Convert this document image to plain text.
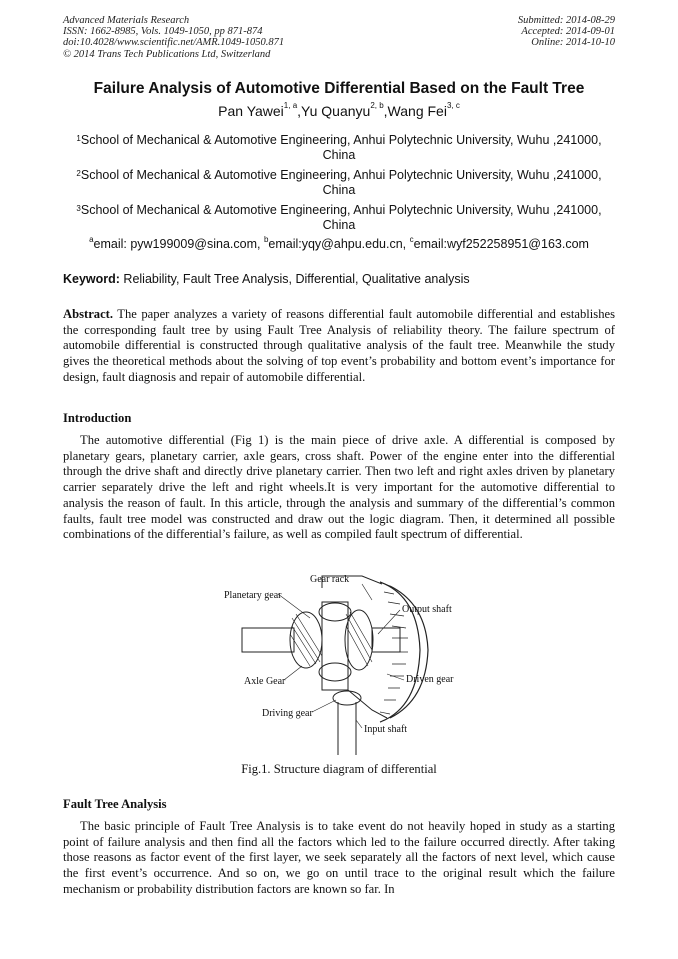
Advanced Materials Research
ISSN: 1662-8985, Vols. 1049-1050, pp 871-874
doi:10.4028/www.scientific.net/AMR.1049-1050.871
© 2014 Trans Tech Publications Ltd, Switzerland
Submitted: 2014-08-29
Accepted: 2014-09-01
Online: 2014-10-10
Failure Analysis of Automotive Differential Based on the Fault Tree
Pan Yawei$^{1, a}$,Yu Quanyu$^{2, b}$,Wang Fei$^{3, c}$
$^1$School of Mechanical & Automotive Engineering, Anhui Polytechnic University, Wuhu ,241000, China
$^2$School of Mechanical & Automotive Engineering, Anhui Polytechnic University, Wuhu ,241000, China
$^3$School of Mechanical & Automotive Engineering, Anhui Polytechnic University, Wuhu ,241000, China
$^a$email: pyw199009@sina.com, $^b$email:yqy@ahpu.edu.cn, $^c$email:wyf252258951@163.com
Keyword: Reliability, Fault Tree Analysis, Differential, Qualitative analysis
Abstract. The paper analyzes a variety of reasons differential fault automobile differential and establishes the corresponding fault tree by using Fault Tree Analysis of reliability theory. The failure spectrum of automobile differential is constructed through qualitative analysis of the fault tree. Meanwhile the study gives the theoretical methods about the solving of top event’s probability and bottom event’s importance for design, fault diagnosis and repair of automobile differential.
Introduction
The automotive differential (Fig 1) is the main piece of drive axle. A differential is composed by planetary gears, planetary carrier, axle gears, cross shaft. Power of the engine enter into the differential through the drive shaft and directly drive planetary carrier. Then two left and right axles driven by planetary carrier separately drive the left and right wheels.It is very important for the automotive differential to analysis the reason of fault. In this article, through the analysis and summary of the differential’s common faults, fault tree model was constructed and draw out the logic diagram. Then, it determined all possible combinations of the differential’s failure, as well as compiled fault spectrum of differential.
Gear rack
Planetary gear
Output shaft
Axle Gear	Driven gear
Driving gear
Input shaft
Fig.1. Structure diagram of differential
Fault Tree Analysis
The basic principle of Fault Tree Analysis is to take event do not heavily hoped in study as a starting point of failure analysis and then find all the factors which led to the failure occurred directly. After taking those reasons as factor event of the first layer, we seek separately all the factors of next level, which cause the first event’s occurrence. And so on, we go on until trace to the original result which the failure mechanism or probability distribution factors are known so far. In
